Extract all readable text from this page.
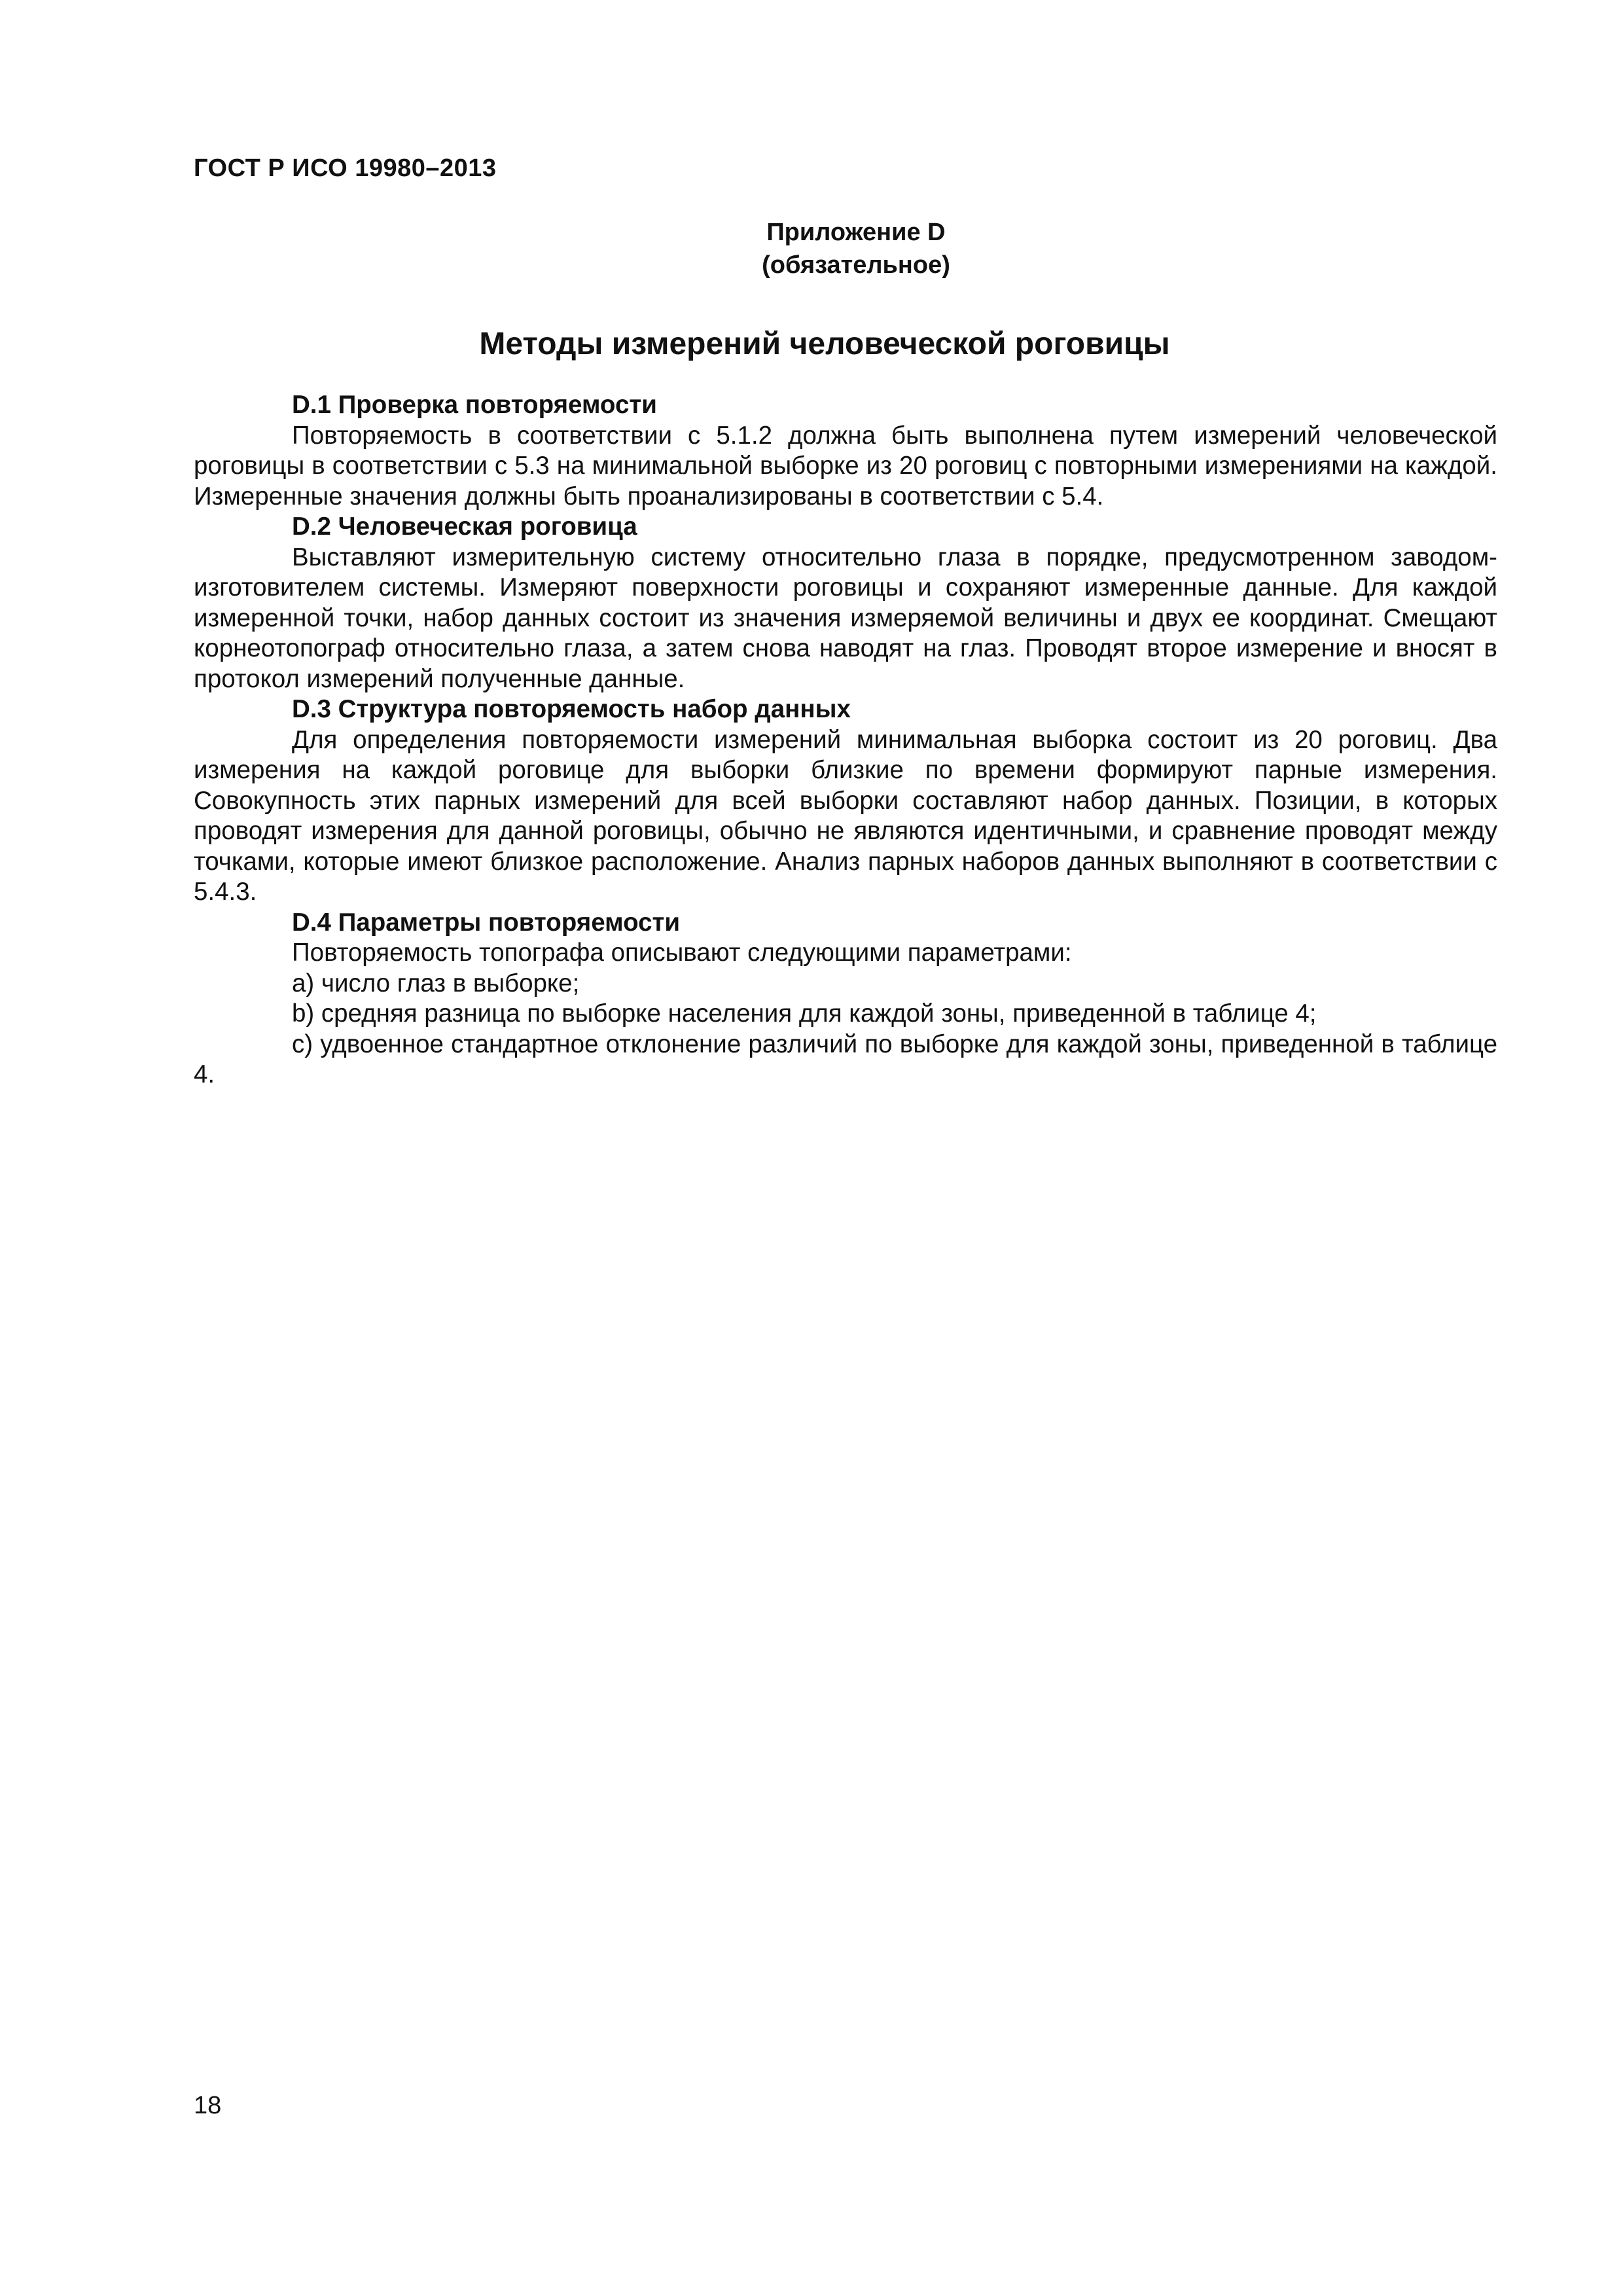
ГОСТ Р ИСО 19980–2013
Приложение D
(обязательное)
Методы измерений человеческой роговицы
D.1 Проверка повторяемости

Повторяемость в соответствии с 5.1.2 должна быть выполнена путем измерений человеческой роговицы в соответствии с 5.3 на минимальной выборке из 20 роговиц с повторными измерениями на каждой. Измеренные значения должны быть проанализированы в соответствии с 5.4.

D.2 Человеческая роговица

Выставляют измерительную систему относительно глаза в порядке, предусмотренном заводом-изготовителем системы. Измеряют поверхности роговицы и сохраняют измеренные данные. Для каждой измеренной точки, набор данных состоит из значения измеряемой величины и двух ее координат. Смещают корнеотопограф относительно глаза, а затем снова наводят на глаз. Проводят второе измерение и вносят в протокол измерений полученные данные.

D.3 Структура повторяемость набор данных

Для определения повторяемости измерений минимальная выборка состоит из 20 роговиц. Два измерения на каждой роговице для выборки близкие по времени формируют парные измерения. Совокупность этих парных измерений для всей выборки составляют набор данных. Позиции, в которых проводят измерения для данной роговицы, обычно не являются идентичными, и сравнение проводят между точками, которые имеют близкое расположение. Анализ парных наборов данных выполняют в соответствии с 5.4.3.

D.4 Параметры повторяемости

Повторяемость топографа описывают следующими параметрами:

а) число глаз в выборке;
b) средняя разница по выборке населения для каждой зоны, приведенной в таблице 4;
c) удвоенное стандартное отклонение различий по выборке для каждой зоны, приведенной в таблице 4.
18
